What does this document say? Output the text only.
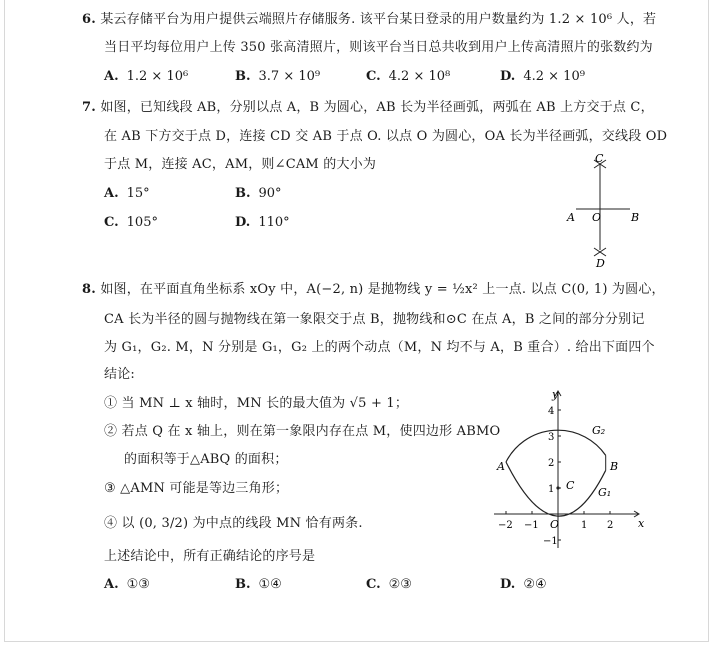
6. 某云存储平台为用户提供云端照片存储服务. 该平台某日登录的用户数量约为 1.2 × 10⁶ 人，若
当日平均每位用户上传 350 张高清照片，则该平台当日总共收到用户上传高清照片的张数约为
A. 1.2 × 10⁶	B. 3.7 × 10⁹	C. 4.2 × 10⁸	D. 4.2 × 10⁹
7. 如图，已知线段 AB，分别以点 A，B 为圆心，AB 长为半径画弧，两弧在 AB 上方交于点 C，
在 AB 下方交于点 D，连接 CD 交 AB 于点 O. 以点 O 为圆心，OA 长为半径画弧，交线段 OD
于点 M，连接 AC，AM，则∠CAM 的大小为
A. 15°	B. 90°
C. 105°	D. 110°
C
A O	B
D
8. 如图，在平面直角坐标系 xOy 中，A(−2, n) 是抛物线 y = ½x² 上一点. 以点 C(0, 1) 为圆心，
CA 长为半径的圆与抛物线在第一象限交于点 B，抛物线和⊙C 在点 A，B 之间的部分分别记
为 G₁，G₂. M，N 分别是 G₁，G₂ 上的两个动点（M，N 均不与 A，B 重合）. 给出下面四个
结论:
① 当 MN ⊥ x 轴时，MN 长的最大值为 √5 + 1；
② 若点 Q 在 x 轴上，则在第一象限内存在点 M，使四边形 ABMO
的面积等于△ABQ 的面积；
③ △AMN 可能是等边三角形；
④ 以 (0, 3/2) 为中点的线段 MN 恰有两条.
上述结论中，所有正确结论的序号是
A. ①③	B. ①④	C. ②③	D. ②④
y
x
O
A	B
C
G₂
G₁
−2 −1	1 2
4
3
2
1
−1
